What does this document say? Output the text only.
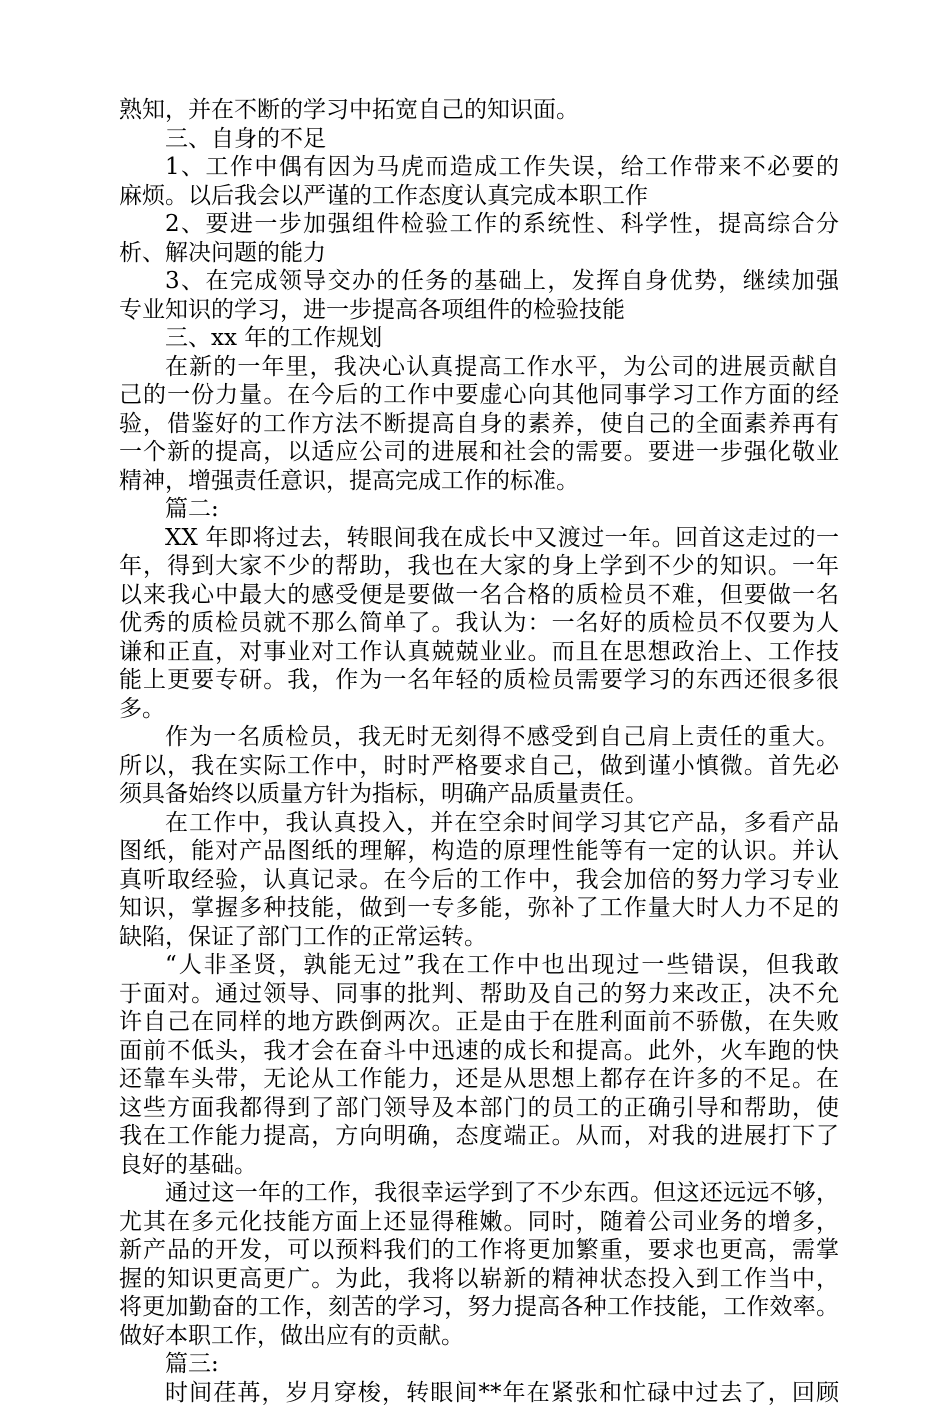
熟知，并在不断的学习中拓宽自己的知识面。
三、自身的不足
1、工作中偶有因为马虎而造成工作失误，给工作带来不必要的
麻烦。以后我会以严谨的工作态度认真完成本职工作
2、要进一步加强组件检验工作的系统性、科学性，提高综合分
析、解决问题的能力
3、在完成领导交办的任务的基础上，发挥自身优势，继续加强
专业知识的学习，进一步提高各项组件的检验技能
三、xx 年的工作规划
在新的一年里，我决心认真提高工作水平，为公司的进展贡献自
己的一份力量。在今后的工作中要虚心向其他同事学习工作方面的经
验，借鉴好的工作方法不断提高自身的素养，使自己的全面素养再有
一个新的提高，以适应公司的进展和社会的需要。要进一步强化敬业
精神，增强责任意识，提高完成工作的标准。
篇二:
XX 年即将过去，转眼间我在成长中又渡过一年。回首这走过的一
年，得到大家不少的帮助，我也在大家的身上学到不少的知识。一年
以来我心中最大的感受便是要做一名合格的质检员不难，但要做一名
优秀的质检员就不那么简单了。我认为：一名好的质检员不仅要为人
谦和正直，对事业对工作认真兢兢业业。而且在思想政治上、工作技
能上更要专研。我，作为一名年轻的质检员需要学习的东西还很多很
多。
作为一名质检员，我无时无刻得不感受到自己肩上责任的重大。
所以，我在实际工作中，时时严格要求自己，做到谨小慎微。首先必
须具备始终以质量方针为指标，明确产品质量责任。
在工作中，我认真投入，并在空余时间学习其它产品，多看产品
图纸，能对产品图纸的理解，构造的原理性能等有一定的认识。并认
真听取经验，认真记录。在今后的工作中，我会加倍的努力学习专业
知识，掌握多种技能，做到一专多能，弥补了工作量大时人力不足的
缺陷，保证了部门工作的正常运转。
“人非圣贤，孰能无过”我在工作中也出现过一些错误，但我敢
于面对。通过领导、同事的批判、帮助及自己的努力来改正，决不允
许自己在同样的地方跌倒两次。正是由于在胜利面前不骄傲，在失败
面前不低头，我才会在奋斗中迅速的成长和提高。此外，火车跑的快
还靠车头带，无论从工作能力，还是从思想上都存在许多的不足。在
这些方面我都得到了部门领导及本部门的员工的正确引导和帮助，使
我在工作能力提高，方向明确，态度端正。从而，对我的进展打下了
良好的基础。
通过这一年的工作，我很幸运学到了不少东西。但这还远远不够，
尤其在多元化技能方面上还显得稚嫩。同时，随着公司业务的增多，
新产品的开发，可以预料我们的工作将更加繁重，要求也更高，需掌
握的知识更高更广。为此，我将以崭新的精神状态投入到工作当中，
将更加勤奋的工作，刻苦的学习，努力提高各种工作技能，工作效率。
做好本职工作，做出应有的贡献。
篇三:
时间荏苒，岁月穿梭，转眼间**年在紧张和忙碌中过去了，回顾
